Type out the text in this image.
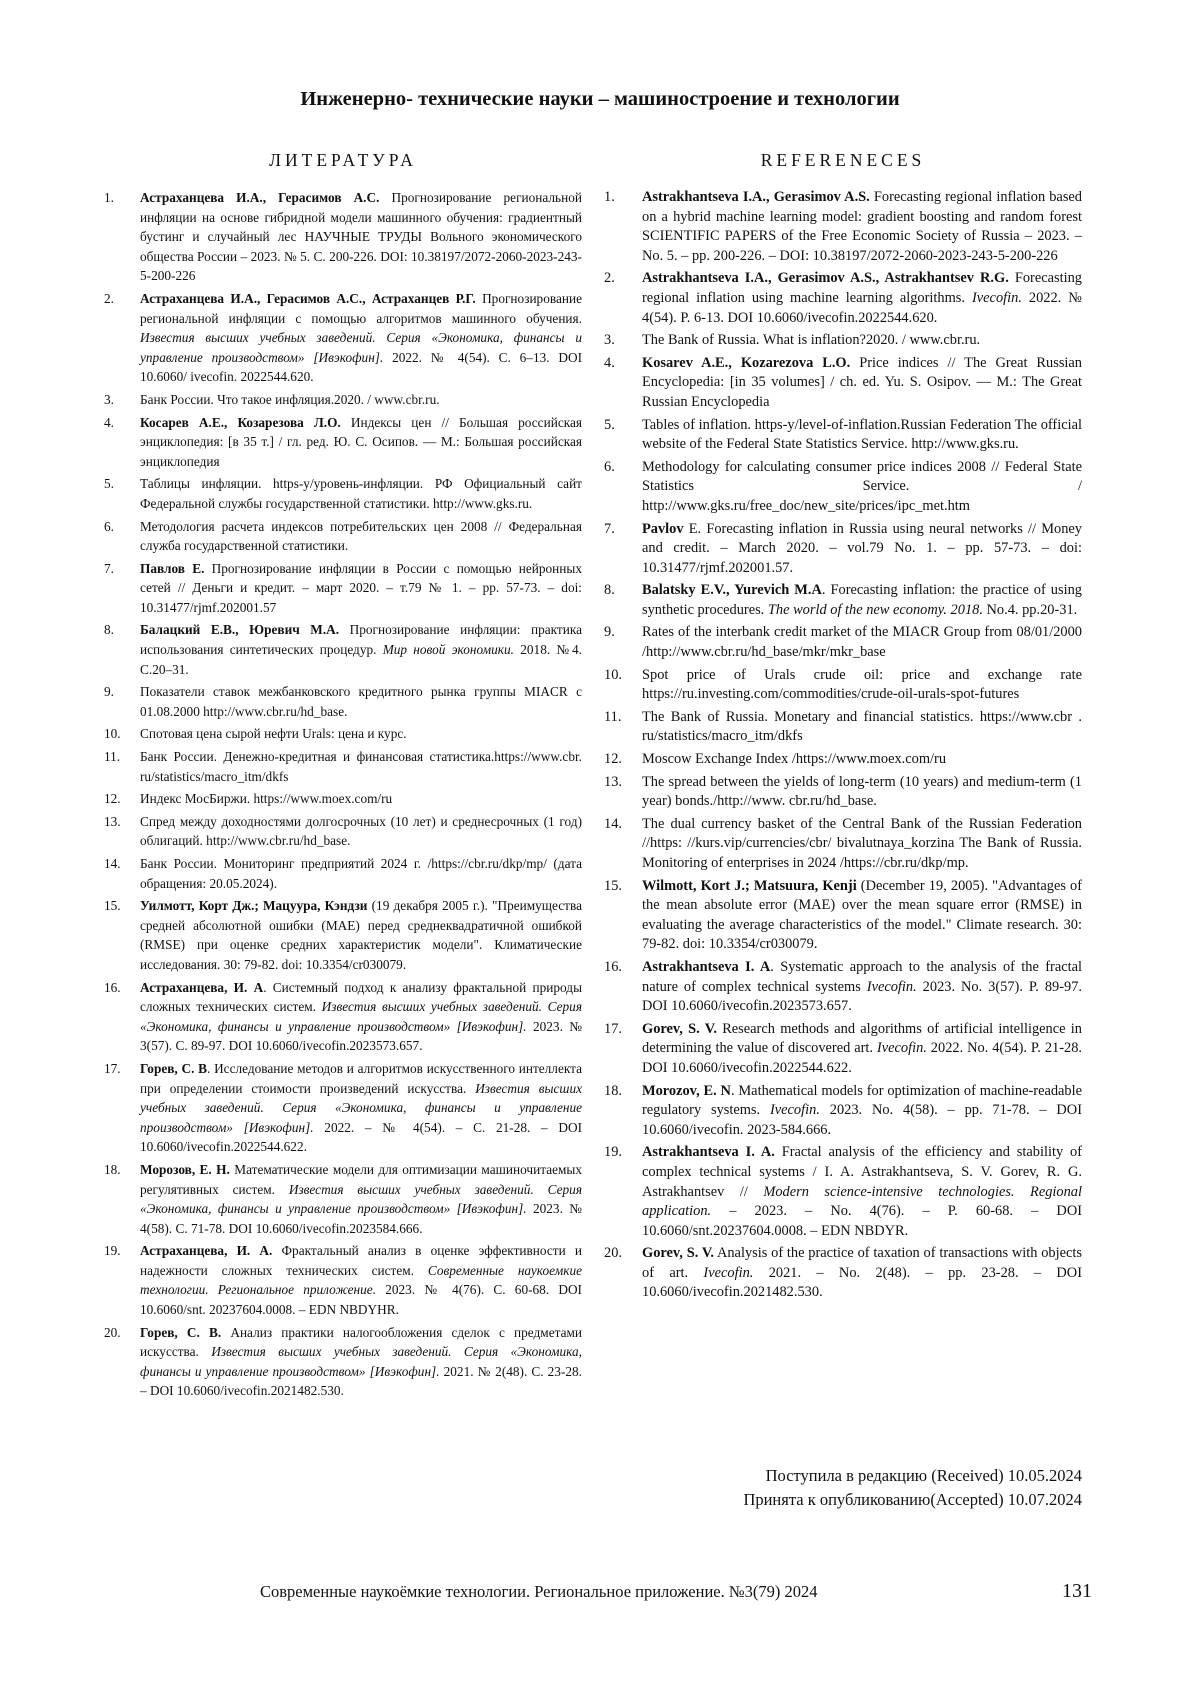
Инженерно- технические науки – машиностроение и технологии
ЛИТЕРАТУРА
1.	Астраханцева И.А., Герасимов А.С. Прогнозирование региональной инфляции на основе гибридной модели машинного обучения: градиентный бустинг и случайный лес НАУЧНЫЕ ТРУДЫ Вольного экономического общества России – 2023. № 5. С. 200-226. DOI: 10.38197/2072-2060-2023-243-5-200-226
2.	Астраханцева И.А., Герасимов А.С., Астраханцев Р.Г. Прогнозирование региональной инфляции с помощью алгоритмов машинного обучения. Известия высших учебных заведений. Серия «Экономика, финансы и управление производством» [Ивэкофин]. 2022. № 4(54). С. 6–13. DOI 10.6060/ ivecofin. 2022544.620.
3.	Банк России. Что такое инфляция.2020. / www.cbr.ru.
4.	Косарев А.Е., Козарезова Л.О. Индексы цен // Большая российская энциклопедия: [в 35 т.] / гл. ред. Ю. С. Осипов. — М.: Большая российская энциклопедия
5.	Таблицы инфляции. https-y/уровень-инфляции. РФ Официальный сайт Федеральной службы государственной статистики. http://www.gks.ru.
6.	Методология расчета индексов потребительских цен 2008 // Федеральная служба государственной статистики.
7.	Павлов Е. Прогнозирование инфляции в России с помощью нейронных сетей // Деньги и кредит. – март 2020. – т.79 № 1. – pp. 57-73. – doi: 10.31477/rjmf.202001.57
8.	Балацкий Е.В., Юревич М.А. Прогнозирование инфляции: практика использования синтетических процедур. Мир новой экономики. 2018. №4. С.20–31.
9.	Показатели ставок межбанковского кредитного рынка группы MIACR с 01.08.2000 http://www.cbr.ru/hd_base.
10.	Спотовая цена сырой нефти Urals: цена и курс.
11.	Банк России. Денежно-кредитная и финансовая статистика.https://www.cbr. ru/statistics/macro_itm/dkfs
12.	Индекс МосБиржи. https://www.moex.com/ru
13.	Спред между доходностями долгосрочных (10 лет) и среднесрочных (1 год) облигаций. http://www.cbr.ru/hd_base.
14.	Банк России. Мониторинг предприятий 2024 г. /https://cbr.ru/dkp/mp/ (дата обращения: 20.05.2024).
15.	Уилмотт, Корт Дж.; Мацуура, Кэндзи (19 декабря 2005 г.). "Преимущества средней абсолютной ошибки (MAE) перед среднеквадратичной ошибкой (RMSE) при оценке средних характеристик модели". Климатические исследования. 30: 79-82. doi: 10.3354/cr030079.
16.	Астраханцева, И. А. Системный подход к анализу фрактальной природы сложных технических систем. Известия высших учебных заведений. Серия «Экономика, финансы и управление производством» [Ивэкофин]. 2023. № 3(57). С. 89-97. DOI 10.6060/ivecofin.2023573.657.
17.	Горев, С. В. Исследование методов и алгоритмов искусственного интеллекта при определении стоимости произведений искусства. Известия высших учебных заведений. Серия «Экономика, финансы и управление производством» [Ивэкофин]. 2022. – № 4(54). – С. 21-28. – DOI 10.6060/ivecofin.2022544.622.
18.	Морозов, Е. Н. Математические модели для оптимизации машиночитаемых регулятивных систем. Известия высших учебных заведений. Серия «Экономика, финансы и управление производством» [Ивэкофин]. 2023. № 4(58). С. 71-78. DOI 10.6060/ivecofin.2023584.666.
19.	Астраханцева, И. А. Фрактальный анализ в оценке эффективности и надежности сложных технических систем. Современные наукоемкие технологии. Региональное приложение. 2023. № 4(76). С. 60-68. DOI 10.6060/snt. 20237604.0008. – EDN NBDYHR.
20.	Горев, С. В. Анализ практики налогообложения сделок с предметами искусства. Известия высших учебных заведений. Серия «Экономика, финансы и управление производством» [Ивэкофин]. 2021. № 2(48). С. 23-28. – DOI 10.6060/ivecofin.2021482.530.
REFERENECES
1.	Astrakhantseva I.A., Gerasimov A.S. Forecasting regional inflation based on a hybrid machine learning model: gradient boosting and random forest SCIENTIFIC PAPERS of the Free Economic Society of Russia – 2023. – No. 5. – pp. 200-226. – DOI: 10.38197/2072-2060-2023-243-5-200-226
2.	Astrakhantseva I.A., Gerasimov A.S., Astrakhantsev R.G. Forecasting regional inflation using machine learning algorithms. Ivecofin. 2022. № 4(54). P. 6-13. DOI 10.6060/ivecofin.2022544.620.
3.	The Bank of Russia. What is inflation?2020. / www.cbr.ru.
4.	Kosarev A.E., Kozarezova L.O. Price indices // The Great Russian Encyclopedia: [in 35 volumes] / ch. ed. Yu. S. Osipov. — M.: The Great Russian Encyclopedia
5.	Tables of inflation. https-y/level-of-inflation.Russian Federation The official website of the Federal State Statistics Service. http://www.gks.ru.
6.	Methodology for calculating consumer price indices 2008 // Federal State Statistics Service. / http://www.gks.ru/free_doc/new_site/prices/ipc_met.htm
7.	Pavlov E. Forecasting inflation in Russia using neural networks // Money and credit. – March 2020. – vol.79 No. 1. – pp. 57-73. – doi: 10.31477/rjmf.202001.57.
8.	Balatsky E.V., Yurevich M.A. Forecasting inflation: the practice of using synthetic procedures. The world of the new economy. 2018. No.4. pp.20-31.
9.	Rates of the interbank credit market of the MIACR Group from 08/01/2000 /http://www.cbr.ru/hd_base/mkr/mkr_base
10.	Spot price of Urals crude oil: price and exchange rate https://ru.investing.com/commodities/crude-oil-urals-spot-futures
11.	The Bank of Russia. Monetary and financial statistics. https://www.cbr . ru/statistics/macro_itm/dkfs
12.	Moscow Exchange Index /https://www.moex.com/ru
13.	The spread between the yields of long-term (10 years) and medium-term (1 year) bonds./http://www. cbr.ru/hd_base.
14.	The dual currency basket of the Central Bank of the Russian Federation //https: //kurs.vip/currencies/cbr/ bivalutnaya_korzina The Bank of Russia. Monitoring of enterprises in 2024 /https://cbr.ru/dkp/mp.
15.	Wilmott, Kort J.; Matsuura, Kenji (December 19, 2005). "Advantages of the mean absolute error (MAE) over the mean square error (RMSE) in evaluating the average characteristics of the model." Climate research. 30: 79-82. doi: 10.3354/cr030079.
16.	Astrakhantseva I. A. Systematic approach to the analysis of the fractal nature of complex technical systems Ivecofin. 2023. No. 3(57). P. 89-97. DOI 10.6060/ivecofin.2023573.657.
17.	Gorev, S. V. Research methods and algorithms of artificial intelligence in determining the value of discovered art. Ivecofin. 2022. No. 4(54). P. 21-28. DOI 10.6060/ivecofin.2022544.622.
18.	Morozov, E. N. Mathematical models for optimization of machine-readable regulatory systems. Ivecofin. 2023. No. 4(58). – pp. 71-78. – DOI 10.6060/ivecofin. 2023-584.666.
19.	Astrakhantseva I. A. Fractal analysis of the efficiency and stability of complex technical systems / I. A. Astrakhantseva, S. V. Gorev, R. G. Astrakhantsev // Modern science-intensive technologies. Regional application. – 2023. – No. 4(76). – P. 60-68. – DOI 10.6060/snt.20237604.0008. – EDN NBDYR.
20.	Gorev, S. V. Analysis of the practice of taxation of transactions with objects of art. Ivecofin. 2021. – No. 2(48). – pp. 23-28. – DOI 10.6060/ivecofin.2021482.530.
Поступила в редакцию (Received) 10.05.2024
Принята к опубликованию(Accepted) 10.07.2024
Современные наукоёмкие технологии. Региональное приложение. №3(79) 2024	131
